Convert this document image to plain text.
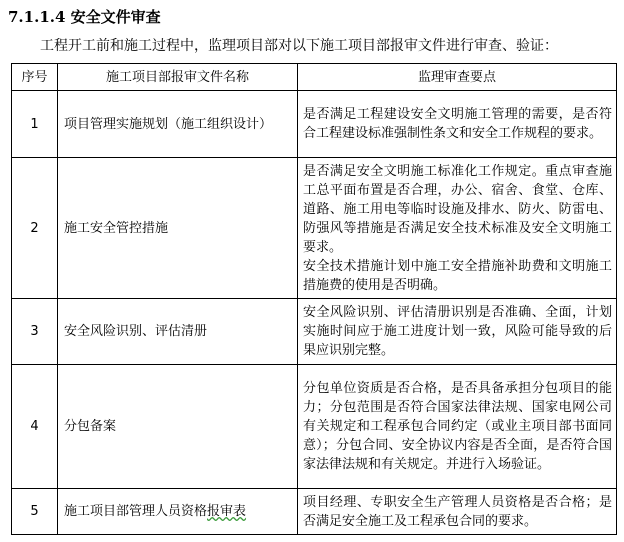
7.1.1.4 安全文件审查
工程开工前和施工过程中，监理项目部对以下施工项目部报审文件进行审查、验证：
序号	施工项目部报审文件名称	监理审查要点
1	项目管理实施规划（施工组织设计）	是否满足工程建设安全文明施工管理的需要，是否符合工程建设标准强制性条文和安全工作规程的要求。

2	施工安全管控措施	是否满足安全文明施工标准化工作规定。重点审查施工总平面布置是否合理，办公、宿舍、食堂、仓库、道路、施工用电等临时设施及排水、防火、防雷电、防强风等措施是否满足安全技术标准及安全文明施工要求。
安全技术措施计划中施工安全措施补助费和文明施工措施费的使用是否明确。

3	安全风险识别、评估清册	安全风险识别、评估清册识别是否准确、全面，计划实施时间应于施工进度计划一致，风险可能导致的后果应识别完整。

4	分包备案	分包单位资质是否合格，是否具备承担分包项目的能力；分包范围是否符合国家法律法规、国家电网公司有关规定和工程承包合同约定（或业主项目部书面同意）；分包合同、安全协议内容是否全面，是否符合国家法律法规和有关规定。并进行入场验证。

5	施工项目部管理人员资格报审表	项目经理、专职安全生产管理人员资格是否合格；是否满足安全施工及工程承包合同的要求。
